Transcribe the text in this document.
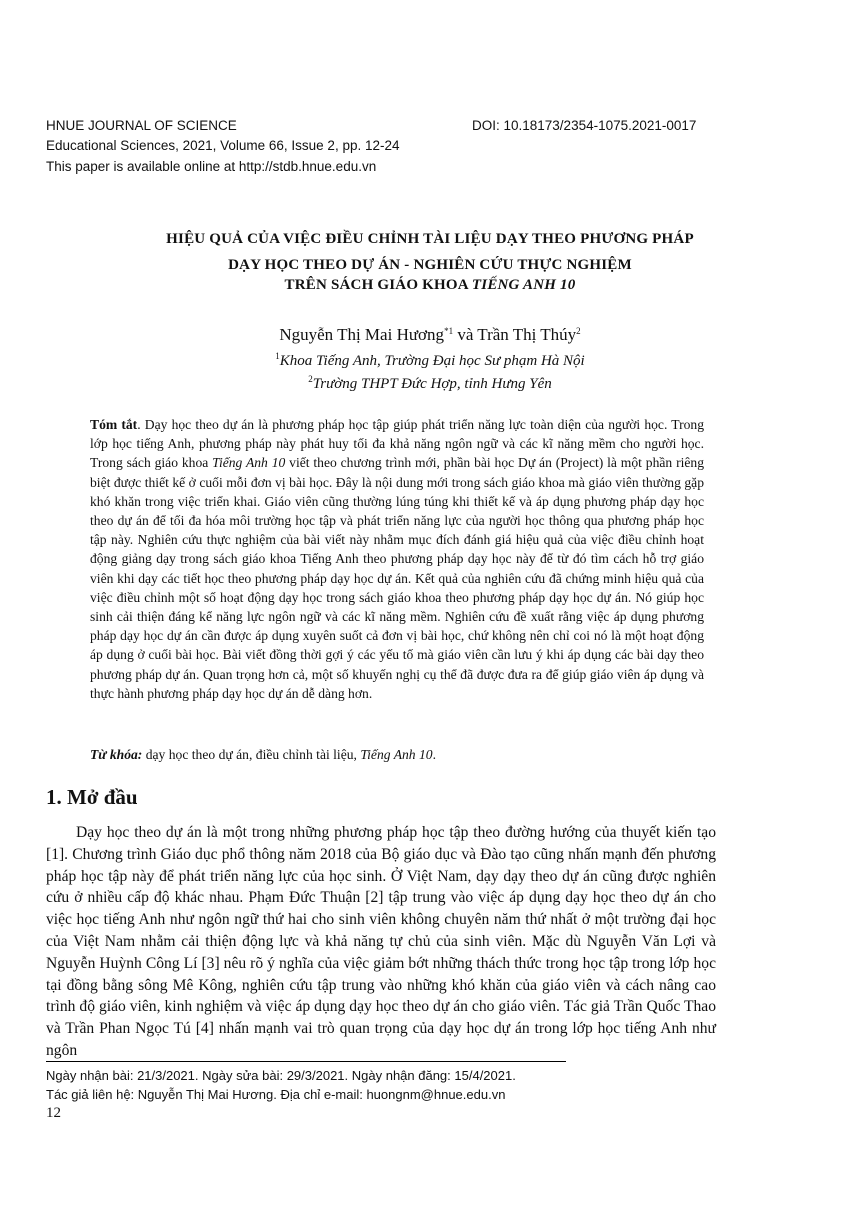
HNUE JOURNAL OF SCIENCE	DOI: 10.18173/2354-1075.2021-0017
Educational Sciences, 2021, Volume 66, Issue 2, pp. 12-24
This paper is available online at http://stdb.hnue.edu.vn
HIỆU QUẢ CỦA VIỆC ĐIỀU CHỈNH TÀI LIỆU DẠY THEO PHƯƠNG PHÁP
DẠY HỌC THEO DỰ ÁN - NGHIÊN CỨU THỰC NGHIỆM
TRÊN SÁCH GIÁO KHOA TIẾNG ANH 10
Nguyễn Thị Mai Hương$^{*1}$ và Trần Thị Thúy$^2$
$^1$Khoa Tiếng Anh, Trường Đại học Sư phạm Hà Nội
$^2$Trường THPT Đức Hợp, tỉnh Hưng Yên
Tóm tắt. Dạy học theo dự án là phương pháp học tập giúp phát triển năng lực toàn diện của người học. Trong lớp học tiếng Anh, phương pháp này phát huy tối đa khả năng ngôn ngữ và các kĩ năng mềm cho người học. Trong sách giáo khoa Tiếng Anh 10 viết theo chương trình mới, phần bài học Dự án (Project) là một phần riêng biệt được thiết kế ở cuối mỗi đơn vị bài học. Đây là nội dung mới trong sách giáo khoa mà giáo viên thường gặp khó khăn trong việc triển khai. Giáo viên cũng thường lúng túng khi thiết kế và áp dụng phương pháp dạy học theo dự án để tối đa hóa môi trường học tập và phát triển năng lực của người học thông qua phương pháp học tập này. Nghiên cứu thực nghiệm của bài viết này nhằm mục đích đánh giá hiệu quả của việc điều chỉnh hoạt động giảng dạy trong sách giáo khoa Tiếng Anh theo phương pháp dạy học này để từ đó tìm cách hỗ trợ giáo viên khi dạy các tiết học theo phương pháp dạy học dự án. Kết quả của nghiên cứu đã chứng minh hiệu quả của việc điều chỉnh một số hoạt động dạy học trong sách giáo khoa theo phương pháp dạy học dự án. Nó giúp học sinh cải thiện đáng kể năng lực ngôn ngữ và các kĩ năng mềm. Nghiên cứu đề xuất rằng việc áp dụng phương pháp dạy học dự án cần được áp dụng xuyên suốt cả đơn vị bài học, chứ không nên chỉ coi nó là một hoạt động áp dụng ở cuối bài học. Bài viết đồng thời gợi ý các yếu tố mà giáo viên cần lưu ý khi áp dụng các bài dạy theo phương pháp dự án. Quan trọng hơn cả, một số khuyến nghị cụ thể đã được đưa ra để giúp giáo viên áp dụng và thực hành phương pháp dạy học dự án dễ dàng hơn.
Từ khóa: dạy học theo dự án, điều chỉnh tài liệu, Tiếng Anh 10.
1. Mở đầu
Dạy học theo dự án là một trong những phương pháp học tập theo đường hướng của thuyết kiến tạo [1]. Chương trình Giáo dục phổ thông năm 2018 của Bộ giáo dục và Đào tạo cũng nhấn mạnh đến phương pháp học tập này để phát triển năng lực của học sinh. Ở Việt Nam, dạy dạy theo dự án cũng được nghiên cứu ở nhiều cấp độ khác nhau. Phạm Đức Thuận [2] tập trung vào việc áp dụng dạy học theo dự án cho việc học tiếng Anh như ngôn ngữ thứ hai cho sinh viên không chuyên năm thứ nhất ở một trường đại học của Việt Nam nhằm cải thiện động lực và khả năng tự chủ của sinh viên. Mặc dù Nguyễn Văn Lợi và Nguyễn Huỳnh Công Lí [3] nêu rõ ý nghĩa của việc giảm bớt những thách thức trong học tập trong lớp học tại đồng bằng sông Mê Kông, nghiên cứu tập trung vào những khó khăn của giáo viên và cách nâng cao trình độ giáo viên, kinh nghiệm và việc áp dụng dạy học theo dự án cho giáo viên. Tác giả Trần Quốc Thao và Trần Phan Ngọc Tú [4] nhấn mạnh vai trò quan trọng của dạy học dự án trong lớp học tiếng Anh như ngôn
Ngày nhận bài: 21/3/2021. Ngày sửa bài: 29/3/2021. Ngày nhận đăng: 15/4/2021.
Tác giả liên hệ: Nguyễn Thị Mai Hương. Địa chỉ e-mail: huongnm@hnue.edu.vn
12
